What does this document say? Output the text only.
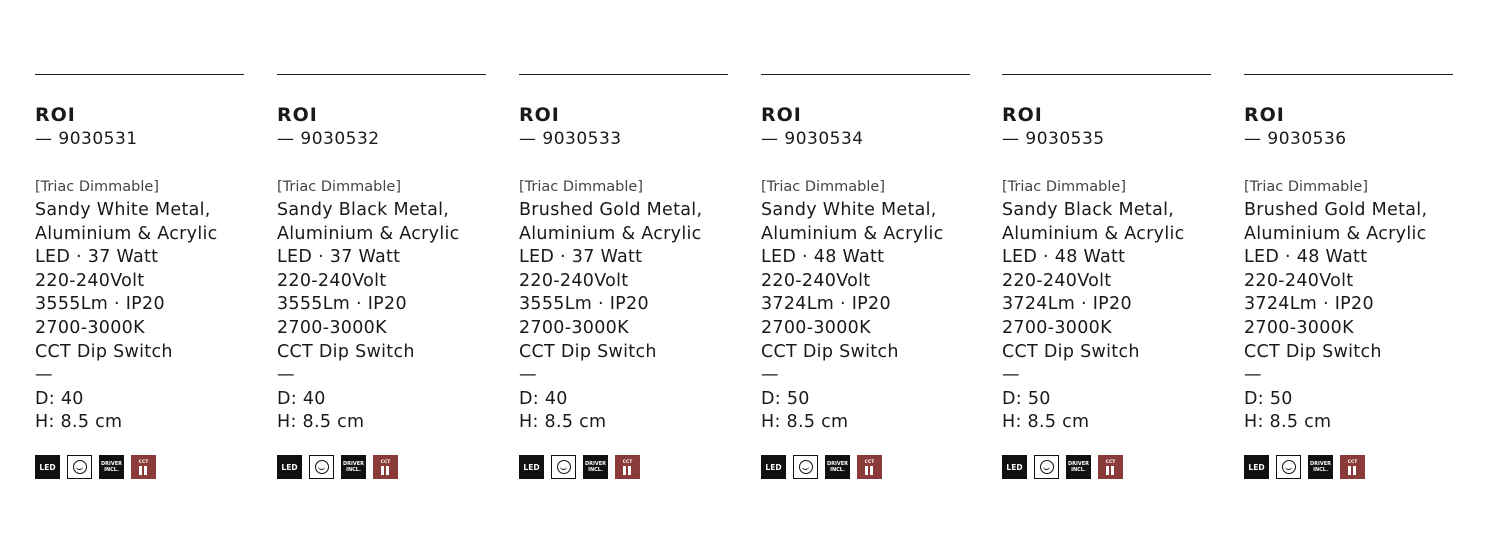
ROI
— 9030531
[Triac Dimmable]
Sandy White Metal,
Aluminium & Acrylic
LED · 37 Watt
220-240Volt
3555Lm · IP20
2700-3000K
CCT Dip Switch
—
D: 40
H: 8.5 cm
LED	DRIVER
INCL.
CCT
ROI
— 9030532
[Triac Dimmable]
Sandy Black Metal,
Aluminium & Acrylic
LED · 37 Watt
220-240Volt
3555Lm · IP20
2700-3000K
CCT Dip Switch
—
D: 40
H: 8.5 cm
LED	DRIVER
INCL.
CCT
ROI
— 9030533
[Triac Dimmable]
Brushed Gold Metal,
Aluminium & Acrylic
LED · 37 Watt
220-240Volt
3555Lm · IP20
2700-3000K
CCT Dip Switch
—
D: 40
H: 8.5 cm
LED	DRIVER
INCL.
CCT
ROI
— 9030534
[Triac Dimmable]
Sandy White Metal,
Aluminium & Acrylic
LED · 48 Watt
220-240Volt
3724Lm · IP20
2700-3000K
CCT Dip Switch
—
D: 50
H: 8.5 cm
LED	DRIVER
INCL.
CCT
ROI
— 9030535
[Triac Dimmable]
Sandy Black Metal,
Aluminium & Acrylic
LED · 48 Watt
220-240Volt
3724Lm · IP20
2700-3000K
CCT Dip Switch
—
D: 50
H: 8.5 cm
LED	DRIVER
INCL.
CCT
ROI
— 9030536
[Triac Dimmable]
Brushed Gold Metal,
Aluminium & Acrylic
LED · 48 Watt
220-240Volt
3724Lm · IP20
2700-3000K
CCT Dip Switch
—
D: 50
H: 8.5 cm
LED	DRIVER
INCL.
CCT
